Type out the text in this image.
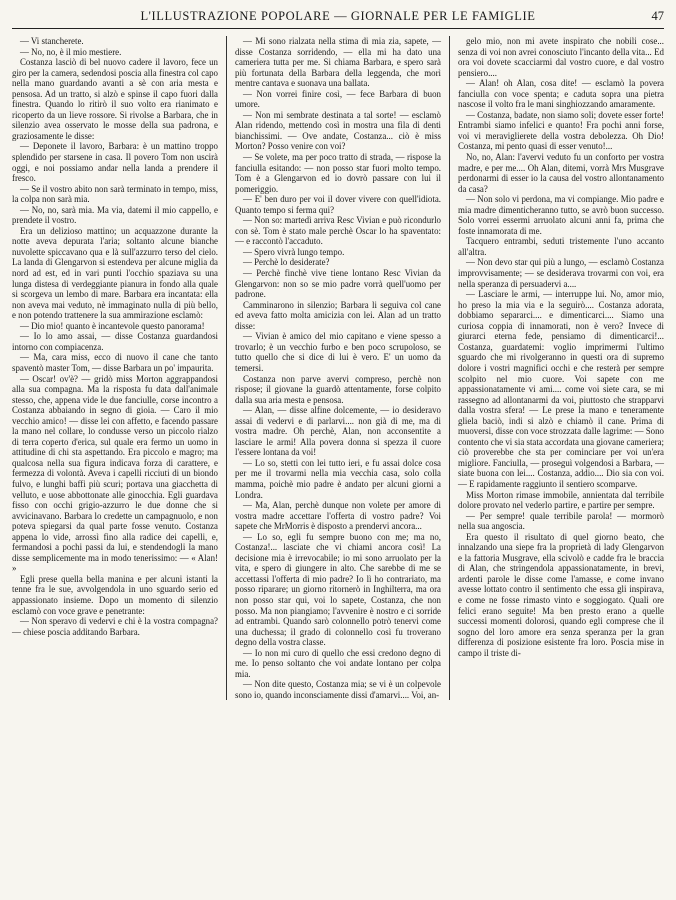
L'ILLUSTRAZIONE POPOLARE — GIORNALE PER LE FAMIGLIE	47

— Vi stancherete.

— No, no, è il mio mestiere.

Costanza lasciò di bel nuovo cadere il lavoro, fece un giro per la camera, sedendosi poscia alla finestra col capo nella mano guardando avanti a sè con aria mesta e pensosa. Ad un tratto, si alzò e spinse il capo fuori dalla finestra. Quando lo ritirò il suo volto era rianimato e ricoperto da un lieve rossore. Si rivolse a Barbara, che in silenzio avea osservato le mosse della sua padrona, e graziosamente le disse:

— Deponete il lavoro, Barbara: è un mattino troppo splendido per starsene in casa. Il povero Tom non uscirà oggi, e noi possiamo andar nella landa a prendere il fresco.

— Se il vostro abito non sarà terminato in tempo, miss, la colpa non sarà mia.

— No, no, sarà mia. Ma via, datemi il mio cappello, e prendete il vostro.

Era un delizioso mattino; un acquazzone durante la notte aveva depurata l'aria; soltanto alcune bianche nuvolette spiccavano qua e là sull'azzurro terso del cielo. La landa di Glengarvon si estendeva per alcune miglia da nord ad est, ed in vari punti l'occhio spaziava su una lunga distesa di verdeggiante pianura in fondo alla quale si scorgeva un lembo di mare. Barbara era incantata: ella non avevа mai veduto, nè immaginato nulla di più bello, e non potendo trattenere la sua ammirazione esclamò:

— Dio mio! quanto è incantevole questo panorama!

— Io lo amo assai, — disse Costanza guardandosi intorno con compiacenza.

— Ma, cara miss, ecco di nuovo il cane che tanto spaventò master Tom, — disse Barbara un po' impaurita.

— Oscar! ov'è? — gridò miss Morton aggrappandosi alla sua compagna. Ma la risposta fu data dall'animale stesso, che, appena vide le due fanciulle, corse incontro a Costanza abbaiando in segno di gioia. — Caro il mio vecchio amico! — disse lei con affetto, e facendo passare la mano nel collare, lo condusse verso un piccolo rialzo di terra coperto d'erica, sul quale era fermo un uomo in attitudine di chi sta aspettando. Era piccolo e magro; ma qualcosa nella sua figura indicava forza di carattere, e fermezza di volontà. Aveva i capelli ricciuti di un biondo fulvo, e lunghi baffi più scuri; portava una giacchetta di velluto, e uose abbottonate alle ginocchia. Egli guardava fisso con occhi grigio-azzurro le due donne che si avvicinavano. Barbara lo credette un campagnuolo, e non poteva spiegarsi da qual parte fosse venuto. Costanza appena lo vide, arrossì fino alla radice dei capelli, e, fermandosi a pochi passi da lui, e stendendogli la mano disse semplicemente ma in modo tenerissimo: — « Alan! »

Egli prese quella bella manina e per alcuni istanti la tenne fra le sue, avvolgendola in uno sguardo serio ed appassionato insieme. Dopo un momento di silenzio esclamò con voce grave e penetrante:

— Non speravo di vedervi e chi è la vostra compagna? — chiese poscia additando Barbara.

— Mi sono rialzata nella stima di mia zia, sapete, — disse Costanza sorridendo, — ella mi ha dato una cameriera tutta per me. Si chiama Barbara, e spero sarà più fortunata della Barbara della leggenda, che morì mentre cantava e suonava una ballata.

— Non vorrei finire così, — fece Barbara di buon umore.

— Non mi sembrate destinata a tal sorte! — esclamò Alan ridendo, mettendo così in mostra una fila di denti bianchissimi. — Ove andate, Costanza... ciò è miss Morton? Posso venire con voi?

— Se volete, ma per poco tratto di strada, — rispose la fanciulla esitando: — non posso star fuori molto tempo. Tom è a Glengarvon ed io dovrò passare con lui il pomeriggio.

— E' ben duro per voi il dover vivere con quell'idiota. Quanto tempo si ferma qui?

— Non so: martedì arriva Resc Vivian e può ricondurlo con sè. Tom è stato male perchè Oscar lo ha spaventato: — e raccontò l'accaduto.

— Spero vivrà lungo tempo.

— Perchè lo desiderate?

— Perchè finchè vive tiene lontano Resc Vivian da Glengarvon: non so se mio padre vorrà quell'uomo per padrone.

Camminarono in silenzio; Barbara li seguiva col cane ed aveva fatto molta amicizia con lei. Alan ad un tratto disse:

— Vivian è amico del mio capitano e viene spesso a trovarlo; è un vecchio furbo e ben poco scrupoloso, se tutto quello che si dice di lui è vero. E' un uomo da temersi.

Costanza non parve avervi compreso, perchè non rispose; il giovane la guardò attentamente, forse colpito dalla sua aria mesta e pensosa.

— Alan, — disse alfine dolcemente, — io desideravo assai di vedervi e di parlarvi.... non già di me, ma di vostra madre. Oh perchè, Alan, non acconsentite a lasciare le armi! Alla povera donna si spezza il cuore l'essere lontana da voi!

— Lo so, stetti con lei tutto ieri, e fu assai dolce cosa per me il trovarmi nella mia vecchia casa, solo colla mamma, poichè mio padre è andato per alcuni giorni a Londra.

— Ma, Alan, perchè dunque non volete per amore di vostra madre accettare l'offerta di vostro padre? Voi sapete che MrMorris è disposto a prendervi ancora...

— Lo so, egli fu sempre buono con me; ma no, Costanza!... lasciate che vi chiami ancora così! La decisione mia è irrevocabile; io mi sono arruolato per la vita, e spero di giungere in alto. Che sarebbe di me se accettassi l'offerta di mio padre? Io lì ho contrariato, ma posso riparare; un giorno ritornerò in Inghilterra, ma ora non posso star qui, voi lo sapete, Costanza, che non posso. Ma non piangiamo; l'avvenire è nostro e ci sorride ad entrambi. Quando sarò colonnello potrò tenervi come una duchessa; il grado di colonnello così fu troverano degno della vostra classe.

— Io non mi curo di quello che essi credono degno di me. Io penso soltanto che voi andate lontano per colpa mia.

— Non dite questo, Costanza mia; se vi è un colpevole sono io, quando inconsciamente dissi d'amarvi.... Voi, an-

gelo mio, non mi avete inspirato che nobili cose... senza di voi non avrei conosciuto l'incanto della vita... Ed ora voi dovete scacciarmi dal vostro cuore, e dal vostro pensiero....

— Alan! oh Alan, cosa dite! — esclamò la povera fanciulla con voce spenta; e caduta sopra una pietra nascose il volto fra le mani singhiozzando amaramente.

— Costanza, badate, non siamo soli; dovete esser forte! Entrambi siamo infelici e quanto! Fra pochi anni forse, voi vi meraviglierete della vostra debolezza. Oh Dio! Costanza, mi pento quasi di esser venuto!...

No, no, Alan: l'avervi veduto fu un conforto per vostra madre, e per me.... Oh Alan, ditemi, vorrà Mrs Musgrave perdonarmi di esser io la causa del vostro allontanamento da casa?

— Non solo vi perdona, ma vi compiange. Mio padre e mia madre dimenticheranno tutto, se avrò buon successo. Solo vorrei essermi arruolato alcuni anni fa, prima che foste innamorata di me.

Tacquero entrambi, seduti tristemente l'uno accanto all'altra.

— Non devo star qui più a lungo, — esclamò Costanza improvvisamente; — se desiderava trovarmi con voi, era nella speranza di persuadervi a....

— Lasciare le armi, — interruppe lui. No, amor mio, ho preso la mia via e la seguirò.... Costanza adorata, dobbiamo separarci.... e dimenticarci.... Siamo una curiosa coppia di innamorati, non è vero? Invece di giurarci eterna fede, pensiamo di dimenticarci!... Costanza, guardatemi: voglio imprimermi l'ultimo sguardo che mi rivolgeranno in questi ora di supremo dolore i vostri magnifici occhi e che resterà per sempre scolpito nel mio cuore. Voi sapete con me appassionatamente vi ami.... come voi siete cara, se mi rassegno ad allontanarmi da voi, piuttosto che strapparvi dalla vostra sfera! — Le prese la mano e teneramente gliela baciò, indi si alzò e chiamò il cane. Prima di muoversi, disse con voce strozzata dalle lagrime: — Sono contento che vi sia stata accordata una giovane cameriera; ciò proverebbe che sta per cominciare per voi un'era migliore. Fanciulla, — proseguì volgendosi a Barbara, — siate buona con lei.... Costanza, addio.... Dio sia con voi. — E rapidamente raggiunto il sentiero scomparve.

Miss Morton rimase immobile, annientata dal terribile dolore provato nel vederlo partire, e partire per sempre.

— Per sempre! quale terribile parola! — mormorò nella sua angoscia.

Era questo il risultato di quel giorno beato, che innalzando una siepe fra la proprietà di lady Glengarvon e la fattoria Musgrave, ella scivolò e cadde fra le braccia di Alan, che stringendola appassionatamente, in brevi, ardenti parole le disse come l'amasse, e come invano avesse lottato contro il sentimento che essa gli inspirava, e come ne fosse rimasto vinto e soggiogato. Quali ore felici erano seguite! Ma ben presto erano a quelle successi momenti dolorosi, quando egli comprese che il sogno del loro amore era senza speranza per la gran differenza di posizione esistente fra loro. Poscia mise in campo il triste di-
